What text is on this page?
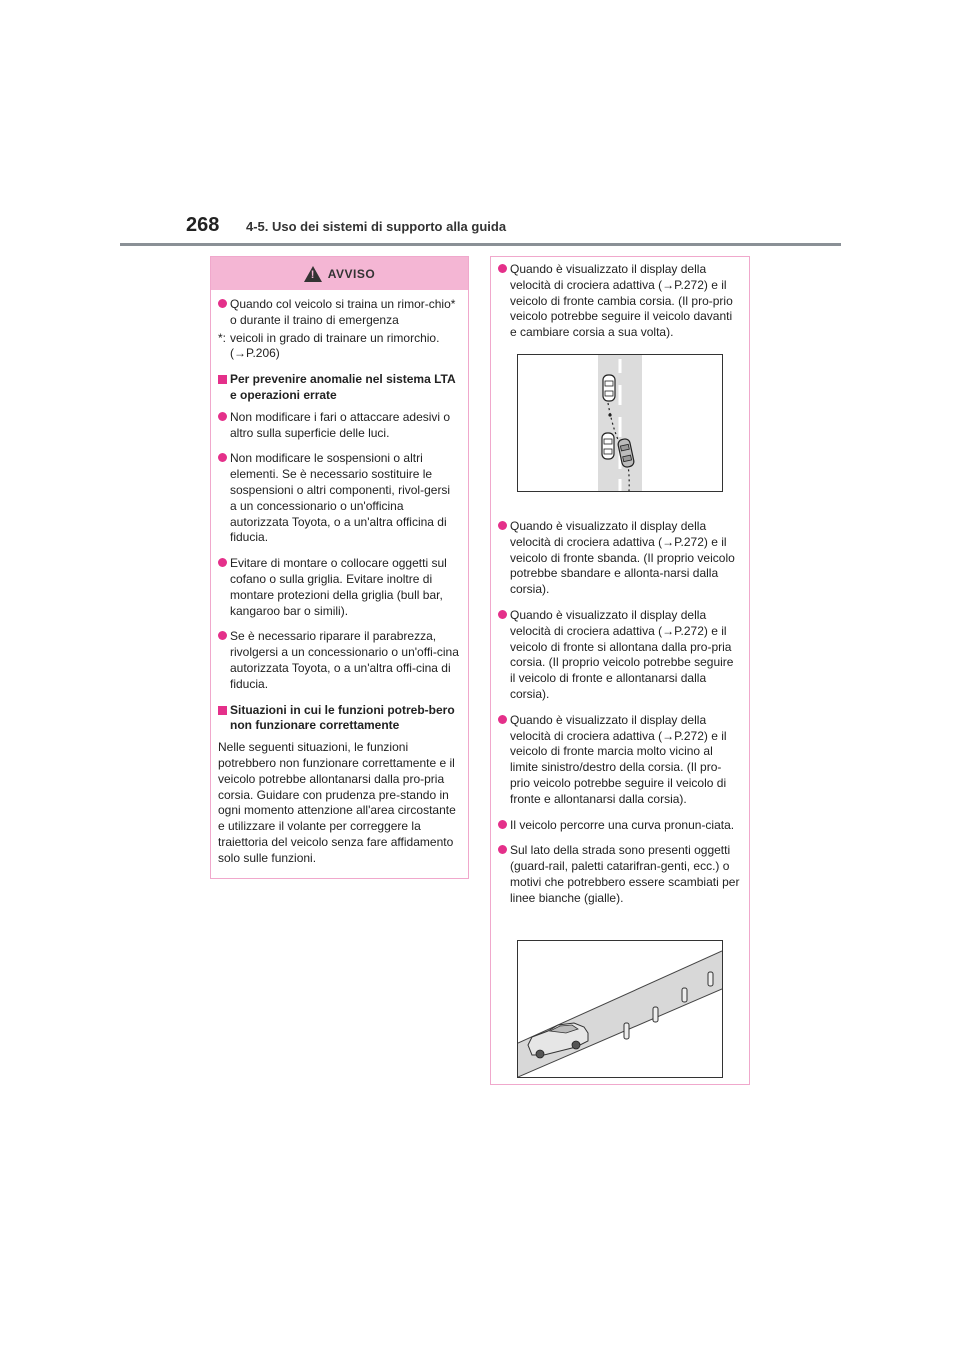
268 4-5. Uso dei sistemi di supporto alla guida
! AVVISO
Quando col veicolo si traina un rimor-chio* o durante il traino di emergenza
*: veicoli in grado di trainare un rimorchio. (→P.206)
Per prevenire anomalie nel sistema LTA e operazioni errate
Non modificare i fari o attaccare adesivi o altro sulla superficie delle luci.
Non modificare le sospensioni o altri elementi. Se è necessario sostituire le sospensioni o altri componenti, rivol-gersi a un concessionario o un'officina autorizzata Toyota, o a un'altra officina di fiducia.
Evitare di montare o collocare oggetti sul cofano o sulla griglia. Evitare inoltre di montare protezioni della griglia (bull bar, kangaroo bar o simili).
Se è necessario riparare il parabrezza, rivolgersi a un concessionario o un'offi-cina autorizzata Toyota, o a un'altra offi-cina di fiducia.
Situazioni in cui le funzioni potreb-bero non funzionare correttamente
Nelle seguenti situazioni, le funzioni potrebbero non funzionare correttamente e il veicolo potrebbe allontanarsi dalla pro-pria corsia. Guidare con prudenza pre-stando in ogni momento attenzione all'area circostante e utilizzare il volante per correggere la traiettoria del veicolo senza fare affidamento solo sulle funzioni.
Quando è visualizzato il display della velocità di crociera adattiva (→P.272) e il veicolo di fronte cambia corsia. (Il pro-prio veicolo potrebbe seguire il veicolo davanti e cambiare corsia a sua volta).
Quando è visualizzato il display della velocità di crociera adattiva (→P.272) e il veicolo di fronte sbanda. (Il proprio veicolo potrebbe sbandare e allonta-narsi dalla corsia).
Quando è visualizzato il display della velocità di crociera adattiva (→P.272) e il veicolo di fronte si allontana dalla pro-pria corsia. (Il proprio veicolo potrebbe seguire il veicolo di fronte e allontanarsi dalla corsia).
Quando è visualizzato il display della velocità di crociera adattiva (→P.272) e il veicolo di fronte marcia molto vicino al limite sinistro/destro della corsia. (Il pro-prio veicolo potrebbe seguire il veicolo di fronte e allontanarsi dalla corsia).
Il veicolo percorre una curva pronun-ciata.
Sul lato della strada sono presenti oggetti (guard-rail, paletti catarifran-genti, ecc.) o motivi che potrebbero essere scambiati per linee bianche (gialle).
